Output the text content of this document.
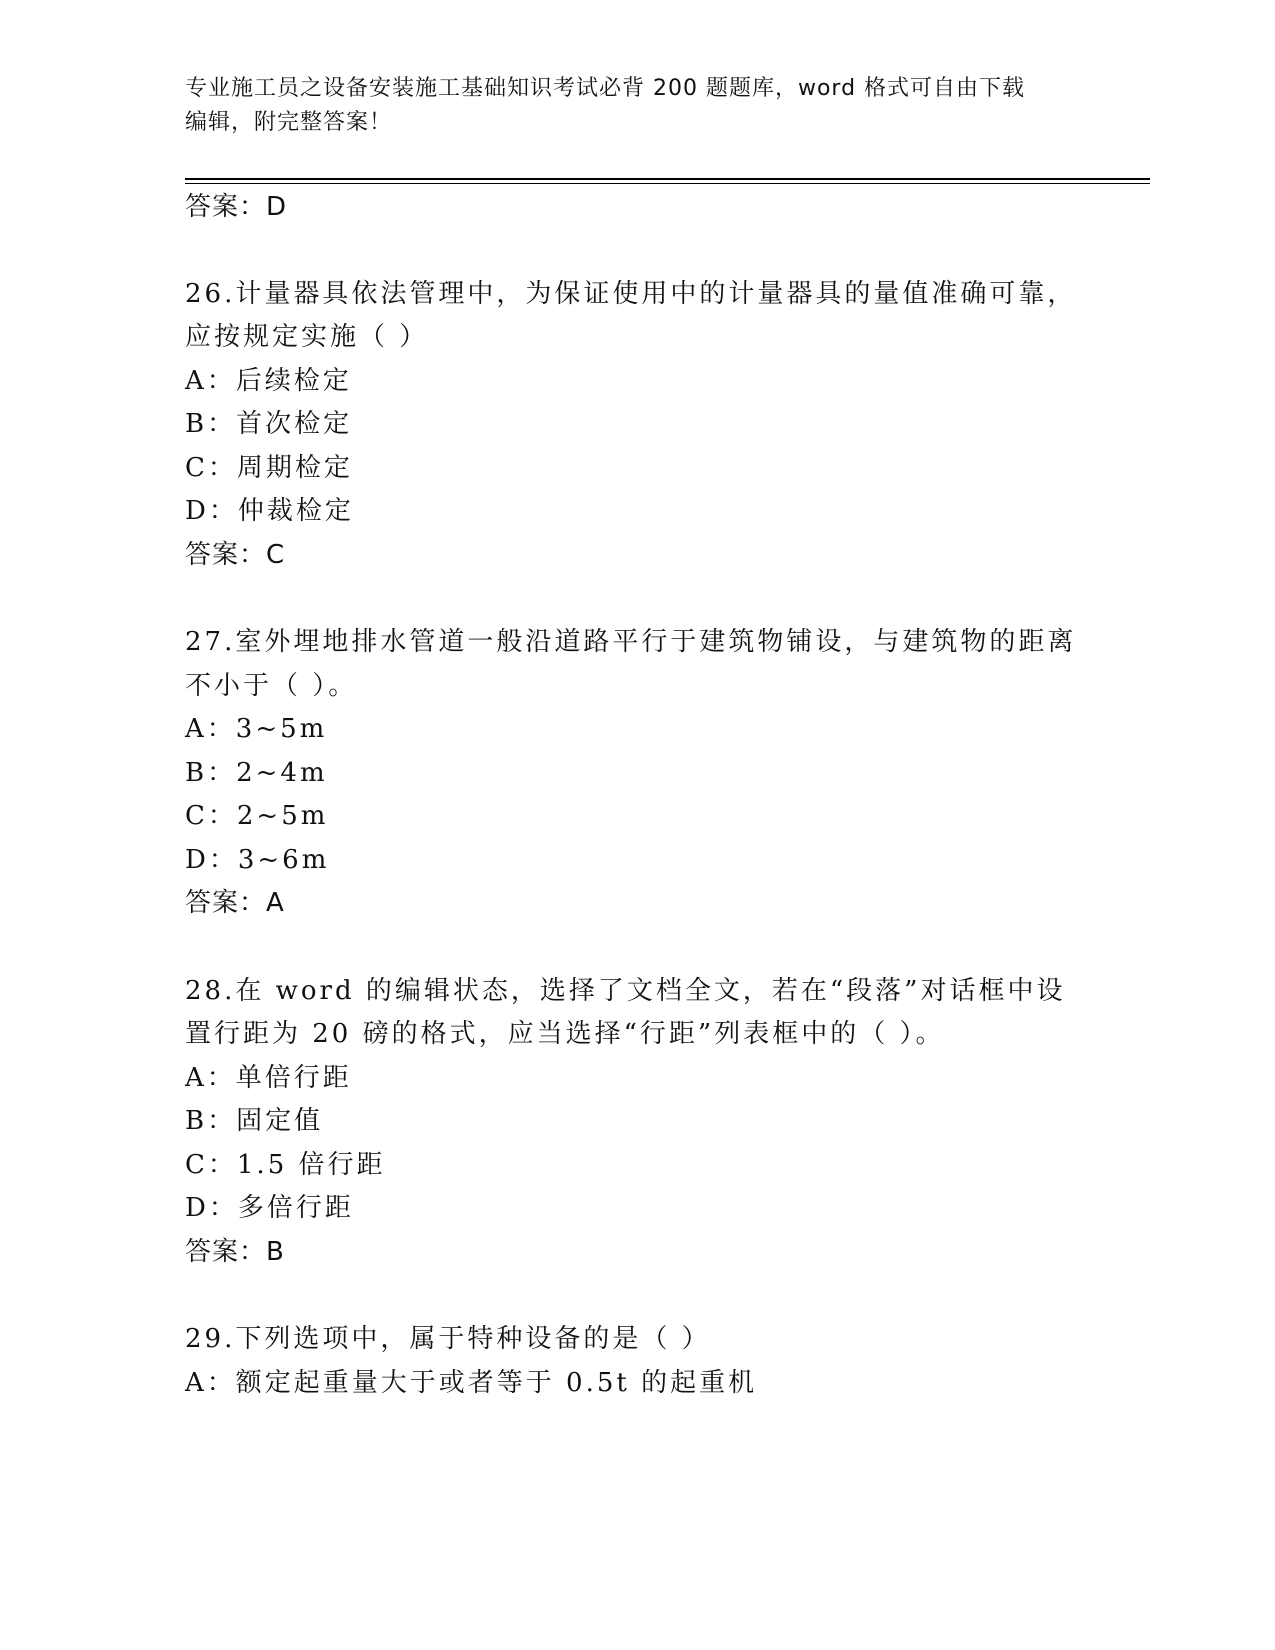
专业施工员之设备安装施工基础知识考试必背 200 题题库，word 格式可自由下载
编辑，附完整答案！
答案：D
26.计量器具依法管理中，为保证使用中的计量器具的量值准确可靠，
应按规定实施（ ）
A：后续检定
B：首次检定
C：周期检定
D：仲裁检定
答案：C
27.室外埋地排水管道一般沿道路平行于建筑物铺设，与建筑物的距离
不小于（ ）。
A：3~5m
B：2~4m
C：2~5m
D：3~6m
答案：A
28.在 word 的编辑状态，选择了文档全文，若在“段落”对话框中设
置行距为 20 磅的格式，应当选择“行距”列表框中的（ ）。
A：单倍行距
B：固定值
C：1.5 倍行距
D：多倍行距
答案：B
29.下列选项中，属于特种设备的是（ ）
A：额定起重量大于或者等于 0.5t 的起重机
